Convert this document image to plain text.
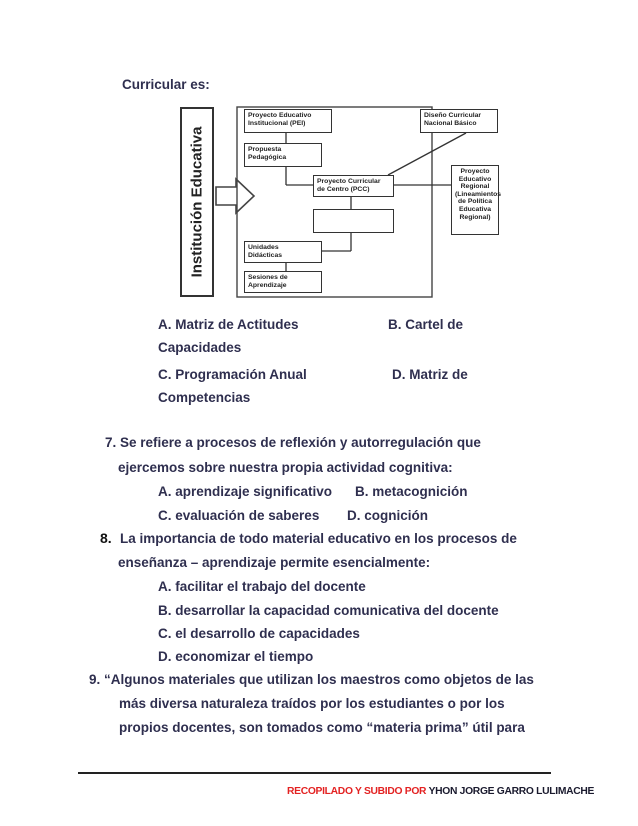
Curricular es:
Institución Educativa
Proyecto Educativo
Institucional (PEI)
Diseño Curricular
Nacional Básico
Propuesta
Pedagógica
Proyecto Curricular
de Centro (PCC)
Proyecto
Educativo
Regional
(Lineamientos
de Política
Educativa
Regional)
Unidades
Didácticas
Sesiones de
Aprendizaje
A. Matriz de Actitudes	B. Cartel de
Capacidades
C. Programación Anual	D. Matriz de
Competencias
7. Se refiere a procesos de reflexión y autorregulación que
ejercemos sobre nuestra propia actividad cognitiva:
A. aprendizaje significativo B. metacognición
C. evaluación de saberes D. cognición
8. La importancia de todo material educativo en los procesos de
enseñanza – aprendizaje permite esencialmente:
A. facilitar el trabajo del docente
B. desarrollar la capacidad comunicativa del docente
C. el desarrollo de capacidades
D. economizar el tiempo
9. “Algunos materiales que utilizan los maestros como objetos de las
más diversa naturaleza traídos por los estudiantes o por los
propios docentes, son tomados como “materia prima” útil para
RECOPILADO Y SUBIDO POR YHON JORGE GARRO LULIMACHE
